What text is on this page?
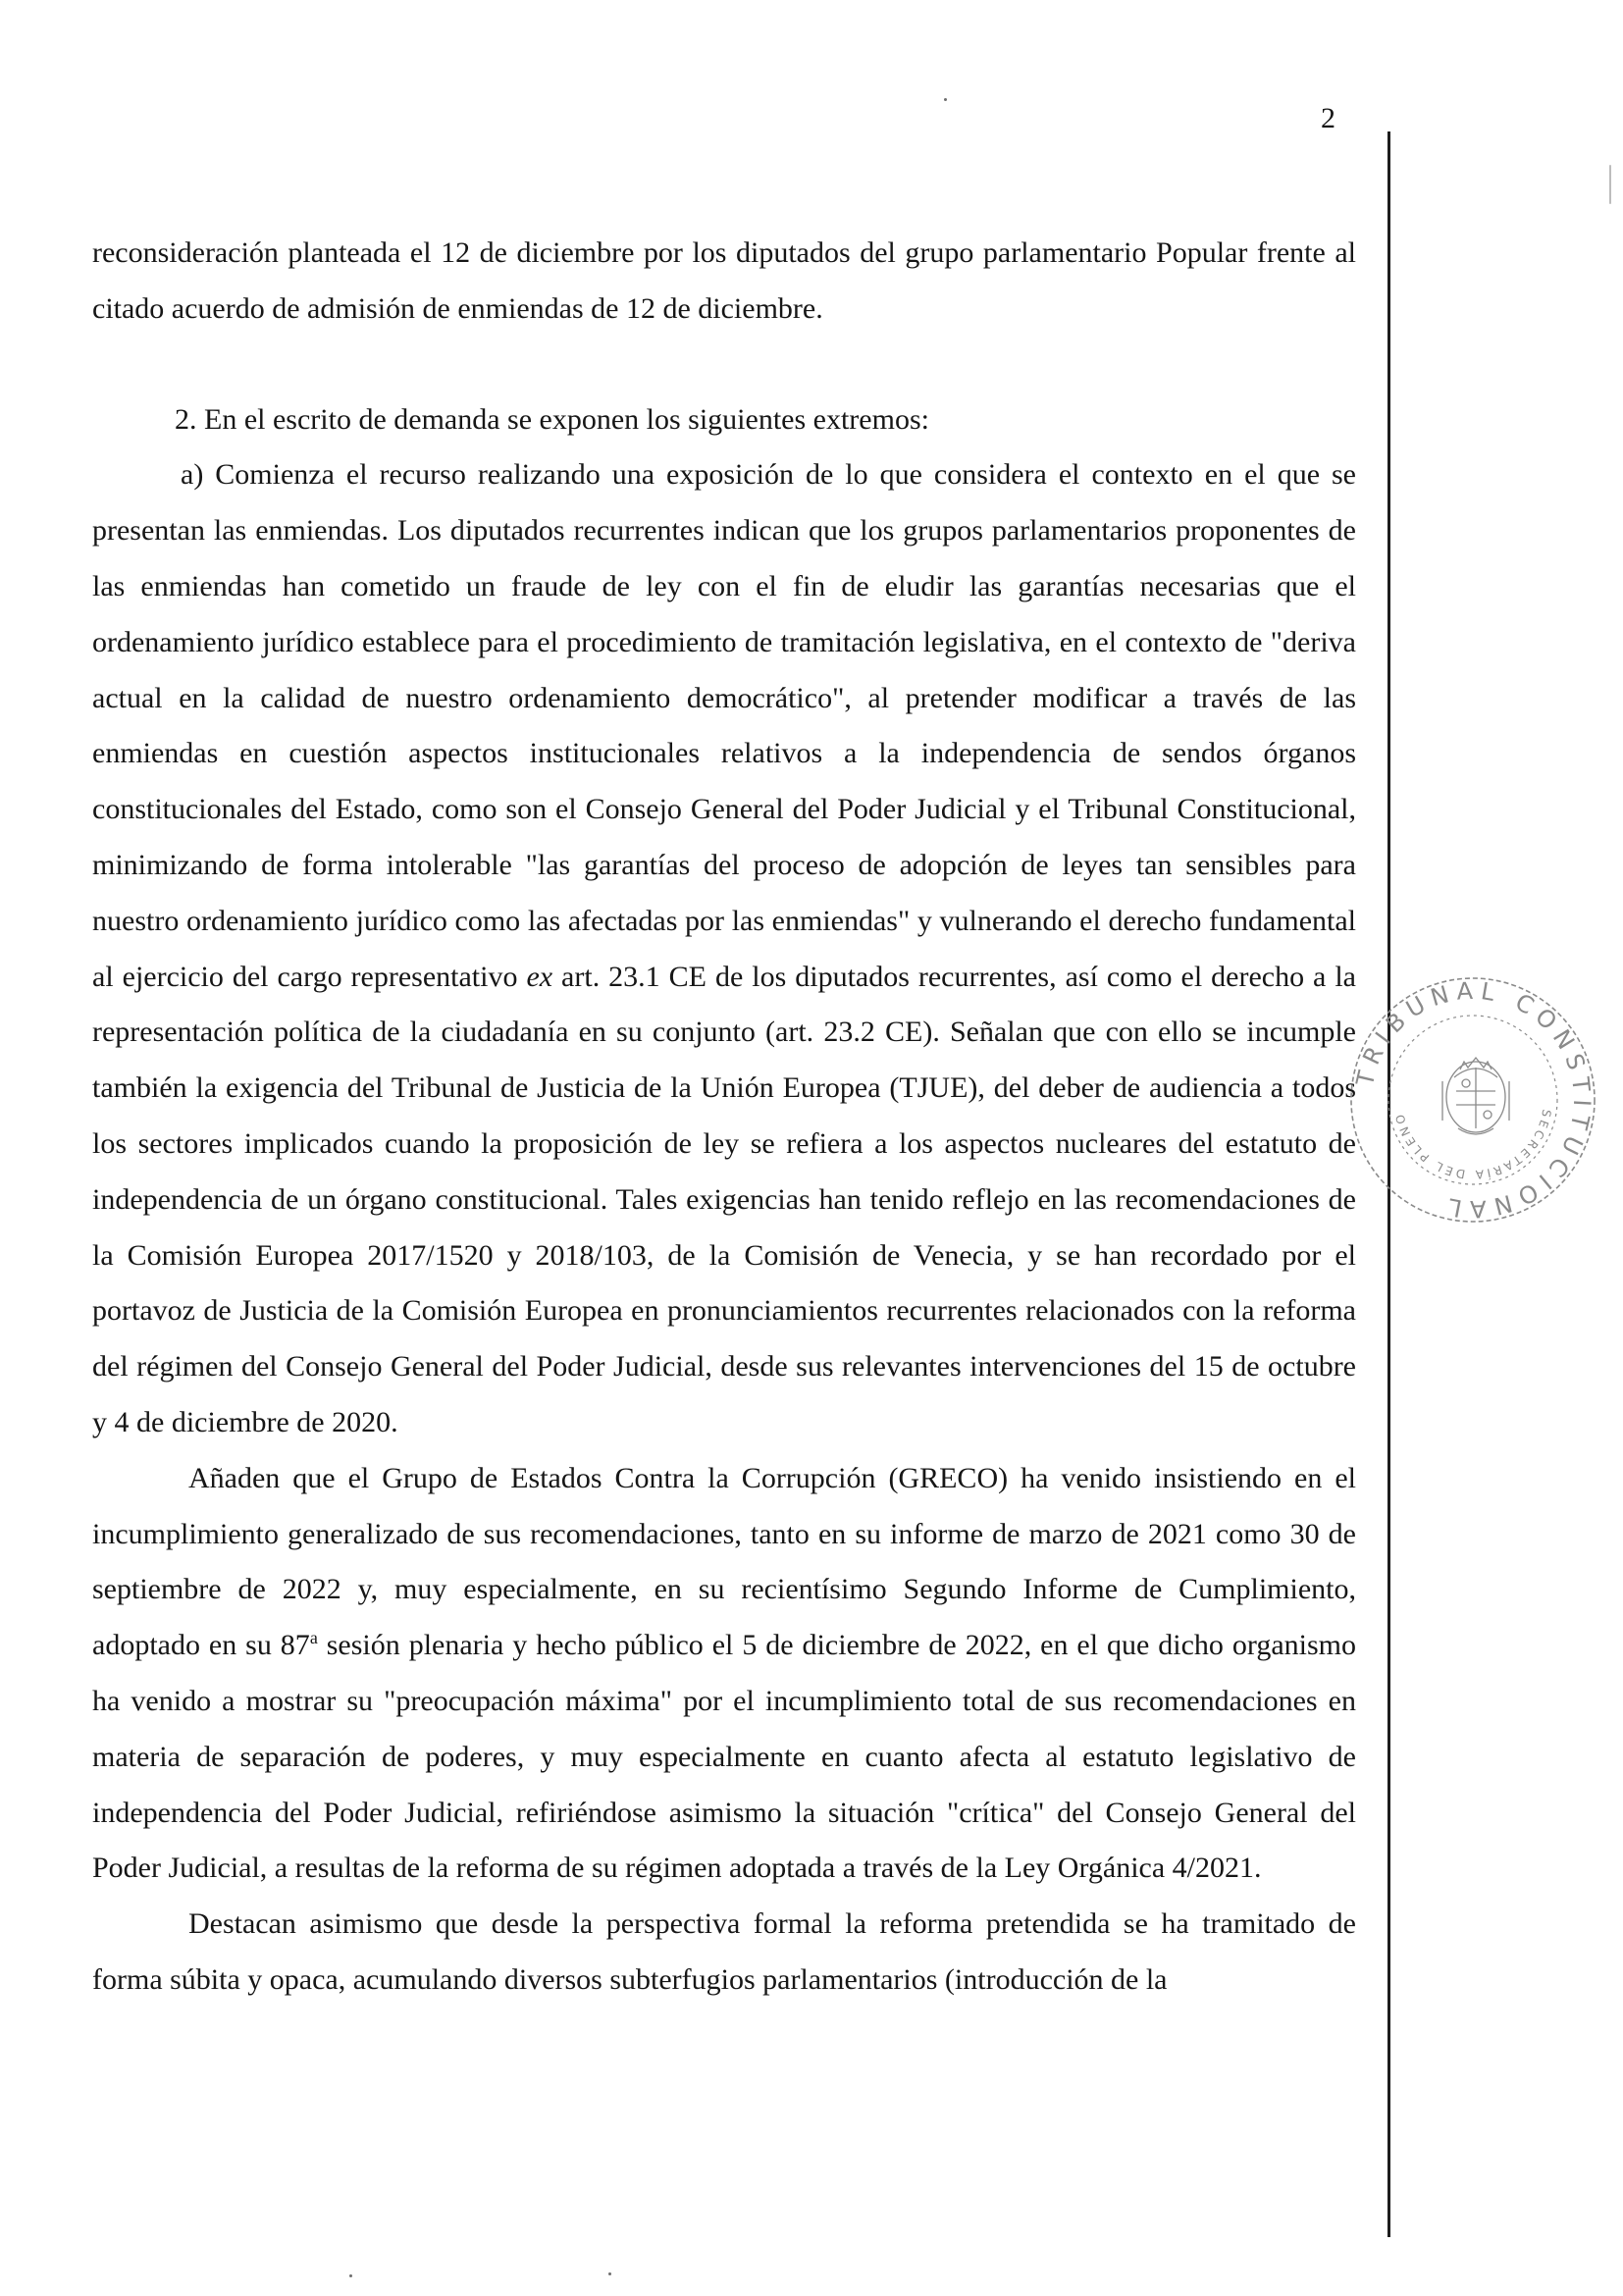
2

reconsideración planteada el 12 de diciembre por los diputados del grupo parlamentario Popular frente al citado acuerdo de admisión de enmiendas de 12 de diciembre.

2. En el escrito de demanda se exponen los siguientes extremos:

a) Comienza el recurso realizando una exposición de lo que considera el contexto en el que se presentan las enmiendas. Los diputados recurrentes indican que los grupos parlamentarios proponentes de las enmiendas han cometido un fraude de ley con el fin de eludir las garantías necesarias que el ordenamiento jurídico establece para el procedimiento de tramitación legislativa, en el contexto de "deriva actual en la calidad de nuestro ordenamiento democrático", al pretender modificar a través de las enmiendas en cuestión aspectos institucionales relativos a la independencia de sendos órganos constitucionales del Estado, como son el Consejo General del Poder Judicial y el Tribunal Constitucional, minimizando de forma intolerable "las garantías del proceso de adopción de leyes tan sensibles para nuestro ordenamiento jurídico como las afectadas por las enmiendas" y vulnerando el derecho fundamental al ejercicio del cargo representativo ex art. 23.1 CE de los diputados recurrentes, así como el derecho a la representación política de la ciudadanía en su conjunto (art. 23.2 CE). Señalan que con ello se incumple también la exigencia del Tribunal de Justicia de la Unión Europea (TJUE), del deber de audiencia a todos los sectores implicados cuando la proposición de ley se refiera a los aspectos nucleares del estatuto de independencia de un órgano constitucional. Tales exigencias han tenido reflejo en las recomendaciones de la Comisión Europea 2017/1520 y 2018/103, de la Comisión de Venecia, y se han recordado por el portavoz de Justicia de la Comisión Europea en pronunciamientos recurrentes relacionados con la reforma del régimen del Consejo General del Poder Judicial, desde sus relevantes intervenciones del 15 de octubre y 4 de diciembre de 2020.

Añaden que el Grupo de Estados Contra la Corrupción (GRECO) ha venido insistiendo en el incumplimiento generalizado de sus recomendaciones, tanto en su informe de marzo de 2021 como 30 de septiembre de 2022 y, muy especialmente, en su recientísimo Segundo Informe de Cumplimiento, adoptado en su 87$^a$ sesión plenaria y hecho público el 5 de diciembre de 2022, en el que dicho organismo ha venido a mostrar su "preocupación máxima" por el incumplimiento total de sus recomendaciones en materia de separación de poderes, y muy especialmente en cuanto afecta al estatuto legislativo de independencia del Poder Judicial, refiriéndose asimismo la situación "crítica" del Consejo General del Poder Judicial, a resultas de la reforma de su régimen adoptada a través de la Ley Orgánica 4/2021.

Destacan asimismo que desde la perspectiva formal la reforma pretendida se ha tramitado de forma súbita y opaca, acumulando diversos subterfugios parlamentarios (introducción de la

TRIBUNAL CONSTITUCIONAL
SECRETARÍA DEL PLENO
